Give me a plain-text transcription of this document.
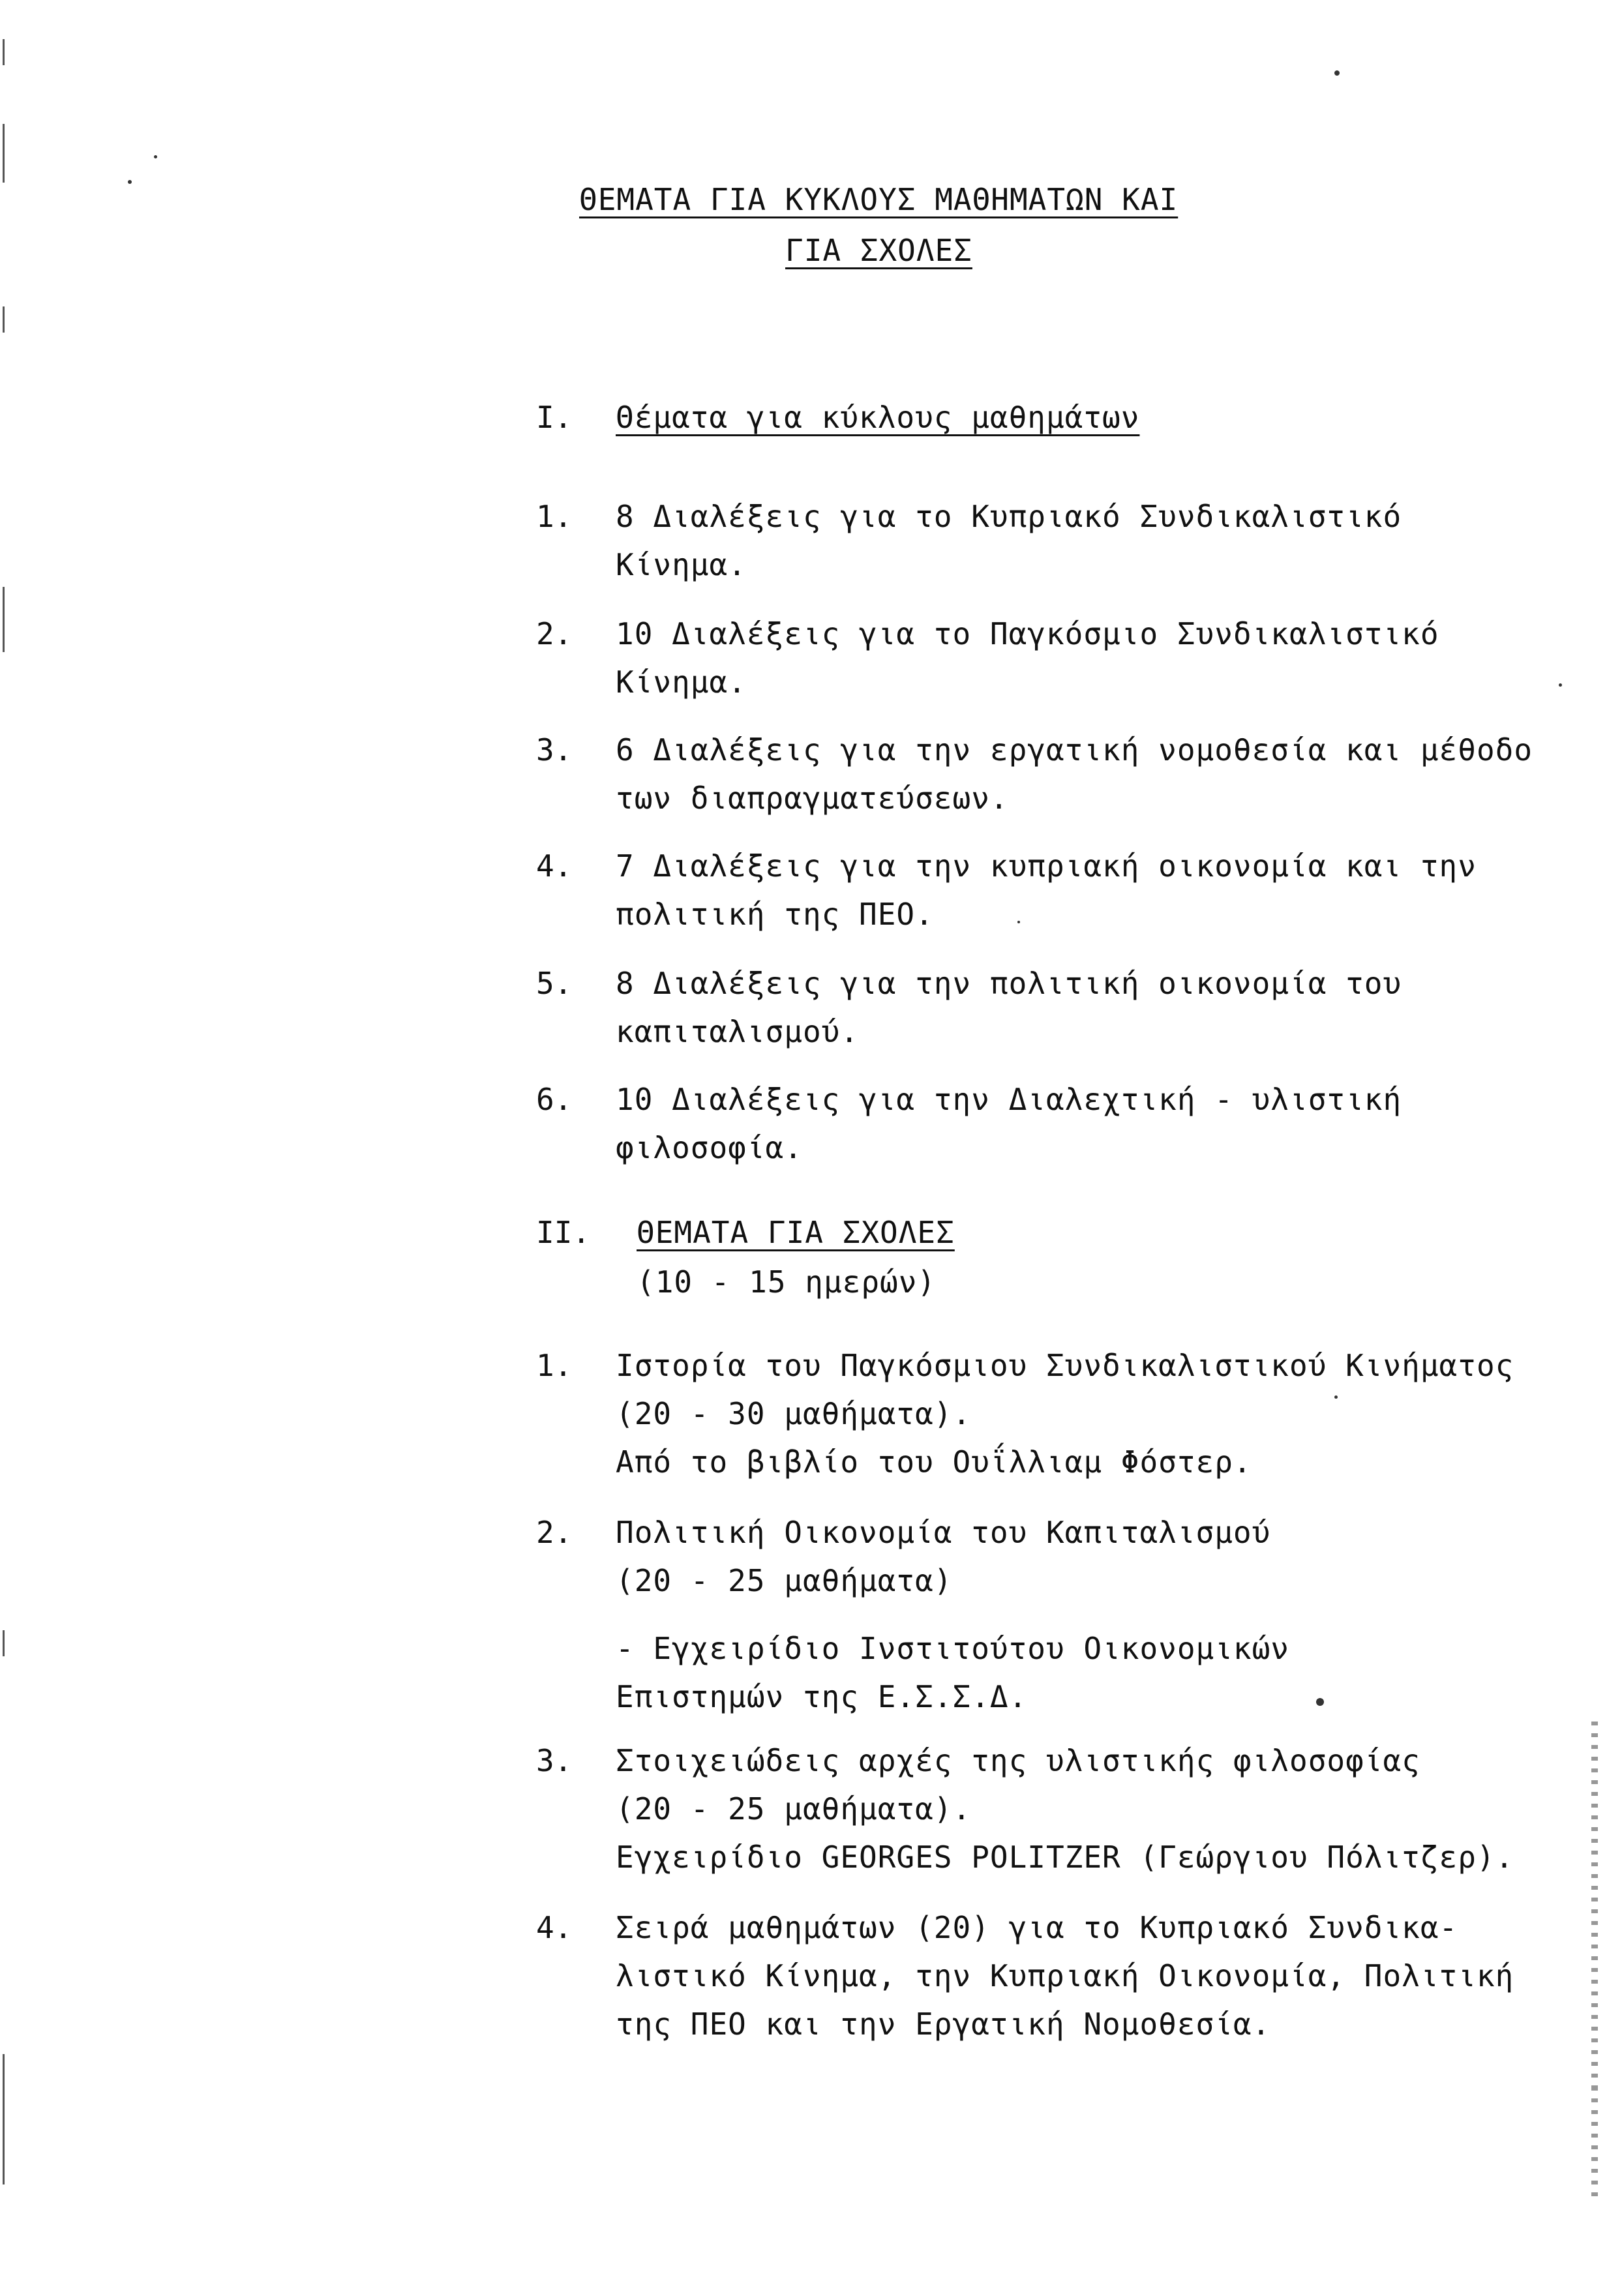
ΘΕΜΑΤΑ ΓΙΑ ΚΥΚΛΟΥΣ ΜΑΘΗΜΑΤΩΝ ΚΑΙ
ΓΙΑ ΣΧΟΛΕΣ
I. Θέματα για κύκλους μαθημάτων
1. 8 Διαλέξεις για το Κυπριακό Συνδικαλιστικό
Κίνημα.
2. 10 Διαλέξεις για το Παγκόσμιο Συνδικαλιστικό
Κίνημα.
3. 6 Διαλέξεις για την εργατική νομοθεσία και μέθοδο
των διαπραγματεύσεων.
4. 7 Διαλέξεις για την κυπριακή οικονομία και την
πολιτική της ΠΕΟ.
5. 8 Διαλέξεις για την πολιτική οικονομία του
καπιταλισμού.
6. 10 Διαλέξεις για την Διαλεχτική - υλιστική
φιλοσοφία.
II. ΘΕΜΑΤΑ ΓΙΑ ΣΧΟΛΕΣ
(10 - 15 ημερών)
1. Ιστορία του Παγκόσμιου Συνδικαλιστικού Κινήματος
(20 - 30 μαθήματα).
Από το βιβλίο του Ουΐλλιαμ Φόστερ.
2. Πολιτική Οικονομία του Καπιταλισμού
(20 - 25 μαθήματα)
- Εγχειρίδιο Ινστιτούτου Οικονομικών
Επιστημών της Ε.Σ.Σ.Δ.
3. Στοιχειώδεις αρχές της υλιστικής φιλοσοφίας
(20 - 25 μαθήματα).
Εγχειρίδιο GEORGES POLITZER (Γεώργιου Πόλιτζερ).
4. Σειρά μαθημάτων (20) για το Κυπριακό Συνδικα-
λιστικό Κίνημα, την Κυπριακή Οικονομία, Πολιτική
της ΠΕΟ και την Εργατική Νομοθεσία.
